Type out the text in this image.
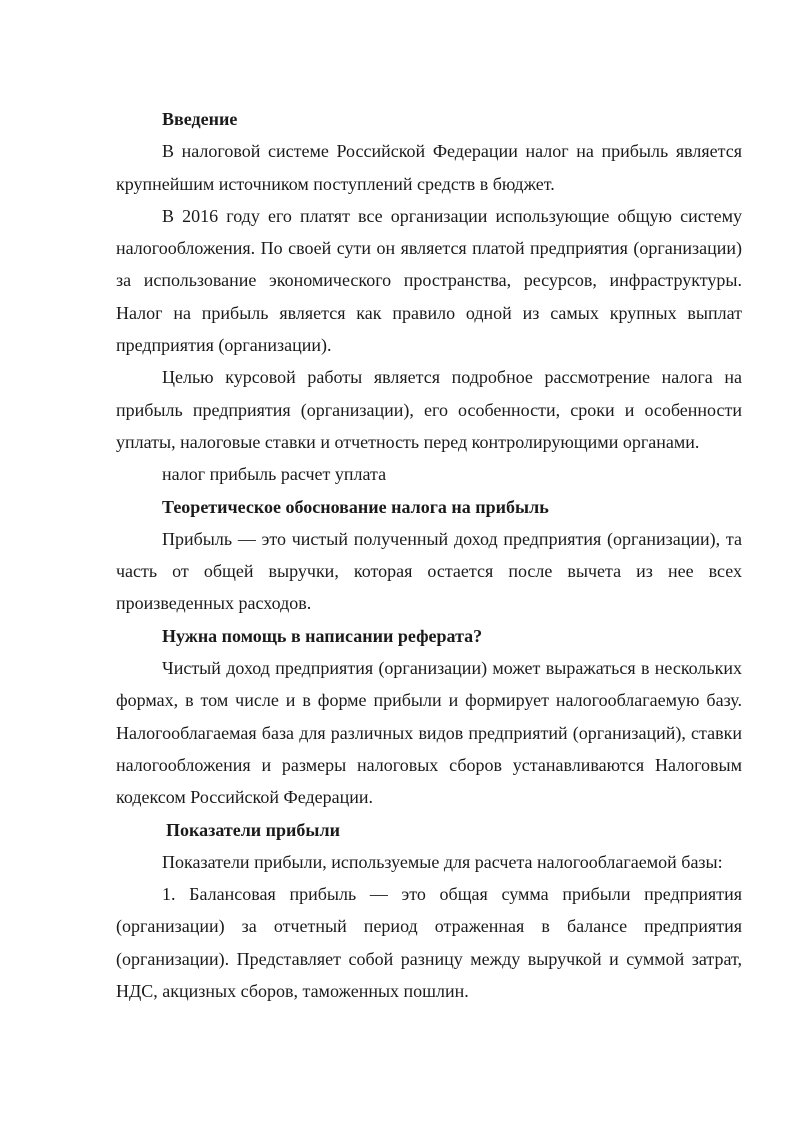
Введение

В налоговой системе Российской Федерации налог на прибыль является крупнейшим источником поступлений средств в бюджет.

В 2016 году его платят все организации использующие общую систему налогообложения. По своей сути он является платой предприятия (организации) за использование экономического пространства, ресурсов, инфраструктуры. Налог на прибыль является как правило одной из самых крупных выплат предприятия (организации).

Целью курсовой работы является подробное рассмотрение налога на прибыль предприятия (организации), его особенности, сроки и особенности уплаты, налоговые ставки и отчетность перед контролирующими органами.

налог прибыль расчет уплата

Теоретическое обоснование налога на прибыль

Прибыль — это чистый полученный доход предприятия (организации), та часть от общей выручки, которая остается после вычета из нее всех произведенных расходов.

Нужна помощь в написании реферата?

Чистый доход предприятия (организации) может выражаться в нескольких формах, в том числе и в форме прибыли и формирует налогооблагаемую базу. Налогооблагаемая база для различных видов предприятий (организаций), ставки налогообложения и размеры налоговых сборов устанавливаются Налоговым кодексом Российской Федерации.

Показатели прибыли

Показатели прибыли, используемые для расчета налогооблагаемой базы:

1. Балансовая прибыль — это общая сумма прибыли предприятия (организации) за отчетный период отраженная в балансе предприятия (организации). Представляет собой разницу между выручкой и суммой затрат, НДС, акцизных сборов, таможенных пошлин.
